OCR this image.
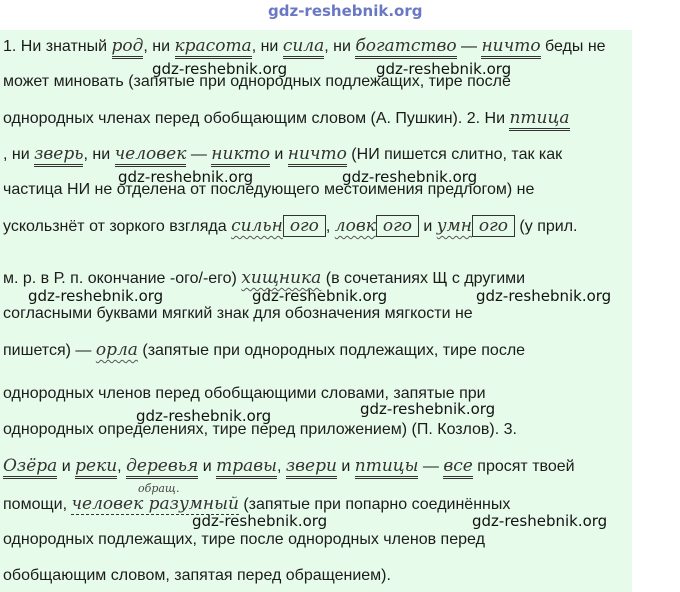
gdz-reshebnik.org
1. Ни знатный род, ни красота, ни сила, ни богатство — ничто беды не
может миновать (запятые при однородных подлежащих, тире после
однородных членах перед обобщающим словом (А. Пушкин). 2. Ни птица
, ни зверь, ни человек — никто и ничто (НИ пишется слитно, так как
частица НИ не отделена от последующего местоимения предлогом) не
ускользнёт от зоркого взгляда сильн ого , ловк ого и умн ого (у прил.
м. р. в Р. п. окончание -ого/-его) хищника (в сочетаниях Щ с другими
согласными буквами мягкий знак для обозначения мягкости не
пишется) — орла (запятые при однородных подлежащих, тире после
однородных членов перед обобщающими словами, запятые при
однородных определениях, тире перед приложением) (П. Козлов). 3.
Озёра и реки, деревья и травы, звери и птицы — все просят твоей
обращ.
помощи, человек разумный (запятые при попарно соединённых
однородных подлежащих, тире после однородных членов перед
обобщающим словом, запятая перед обращением).
gdz-reshebnik.org	gdz-reshebnik.org
gdz-reshebnik.org	gdz-reshebnik.org
gdz-reshebnik.org	gdz-reshebnik.org	gdz-reshebnik.org
gdz-reshebnik.org	gdz-reshebnik.org
gdz-reshebnik.org	gdz-reshebnik.org
